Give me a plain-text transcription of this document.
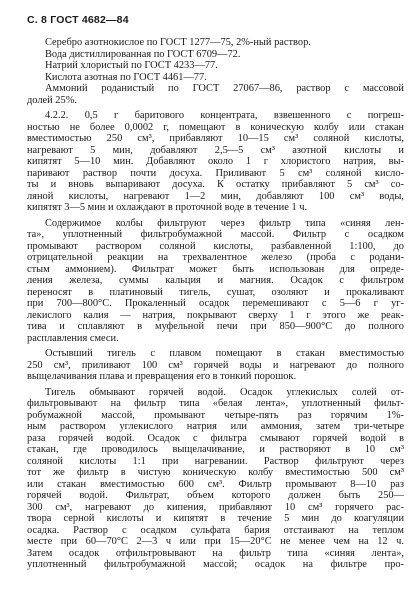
С. 8 ГОСТ 4682—84
Серебро азотнокислое по ГОСТ 1277—75, 2%-ный раствор.
Вода дистиллированная по ГОСТ 6709—72.
Натрий хлористый по ГОСТ 4233—77.
Кислота азотная по ГОСТ 4461—77.
Аммоний роданистый по ГОСТ 27067—86, раствор с массовой
долей 25%.
4.2.2. 0,5 г баритового концентрата, взвешенного с погреш-
ностью не более 0,0002 г, помещают в коническую колбу или стакан
вместимостью 250 см³, прибавляют 10—15 см³ соляной кислоты,
нагревают 5 мин, добавляют 2,5—5 см³ азотной кислоты и
кипятят 5—10 мин. Добавляют около 1 г хлористого натрия, вы-
паривают раствор почти досуха. Приливают 5 см³ соляной кисло-
ты и вновь выпаривают досуха. К остатку прибавляют 5 см³ со-
ляной кислоты, нагревают 1—2 мин, добавляют 100 см³ воды,
кипятят 3—5 мин и охлаждают в проточной воде в течение 1 ч.
Содержимое колбы фильтруют через фильтр типа «синяя лен-
та», уплотненный фильтробумажной массой. Фильтр с осадком
промывают раствором соляной кислоты, разбавленной 1:100, до
отрицательной реакции на трехвалентное железо (проба с родани-
стым аммонием). Фильтрат может быть использован для опреде-
ления железа, суммы кальция и магния. Осадок с фильтром
переносят в платиновый тигель, сушат, озоляют и прокаливают
при 700—800°С. Прокаленный осадок перемешивают с 5—6 г уг-
лекислого калия — натрия, покрывают сверху 1 г этого же реак-
тива и сплавляют в муфельной печи при 850—900°С до полного
расплавления смеси.
Остывший тигель с плавом помещают в стакан вместимостью
250 см³, приливают 100 см³ горячей воды и нагревают до полного
выщелачивания плава и превращения его в тонкий порошок.
Тигель обмывают горячей водой. Осадок углекислых солей от-
фильтровывают на фильтр типа «белая лента», уплотненный фильт-
робумажной массой, промывают четыре-пять раз горячим 1%-
ным раствором углекислого натрия или аммония, затем три-четыре
раза горячей водой. Осадок с фильтра смывают горячей водой в
стакан, где проводилось выщелачивание, и растворяют в 10 см³
соляной кислоты 1:1 при нагревании. Раствор фильтруют через
тот же фильтр в чистую коническую колбу вместимостью 500 см³
или стакан вместимостью 600 см³. Фильтр промывают 8—10 раз
горячей водой. Фильтрат, объем которого должен быть 250—
300 см³, нагревают до кипения, прибавляют 10 см³ горячего рас-
твора серной кислоты и кипятят в течение 5 мин до коагуляции
осадка. Раствор с осадком сульфата бария отстаивают на теплом
месте при 60—70°С 2—3 ч или при 15—20°С не менее чем на 12 ч.
Затем осадок отфильтровывают на фильтр типа «синяя лента»,
уплотненный фильтробумажной массой; осадок на фильтре про-
